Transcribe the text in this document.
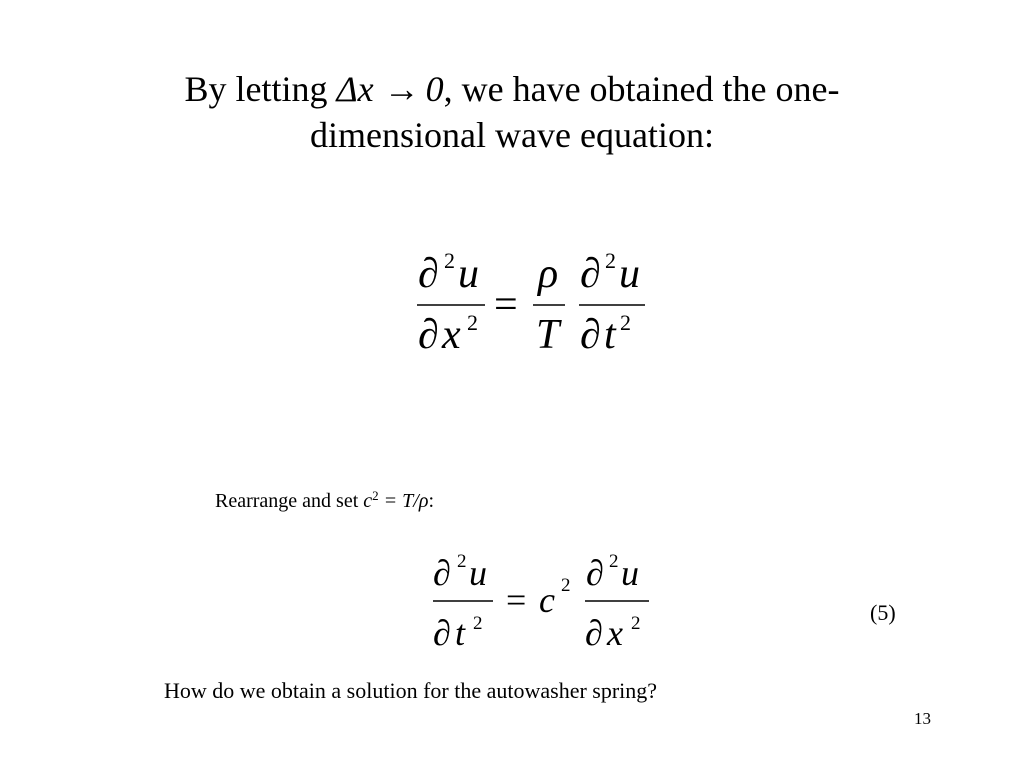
By letting Δx → 0, we have obtained the one-
dimensional wave equation:
∂ 2 u
∂ x 2 =
ρ
T
∂ 2 u
∂ t 2
Rearrange and set $c^2 = T/\rho$:
∂ 2 u
∂ t 2
= c 2 ∂ 2 u
∂ x 2	(5)
How do we obtain a solution for the autowasher spring?
13
